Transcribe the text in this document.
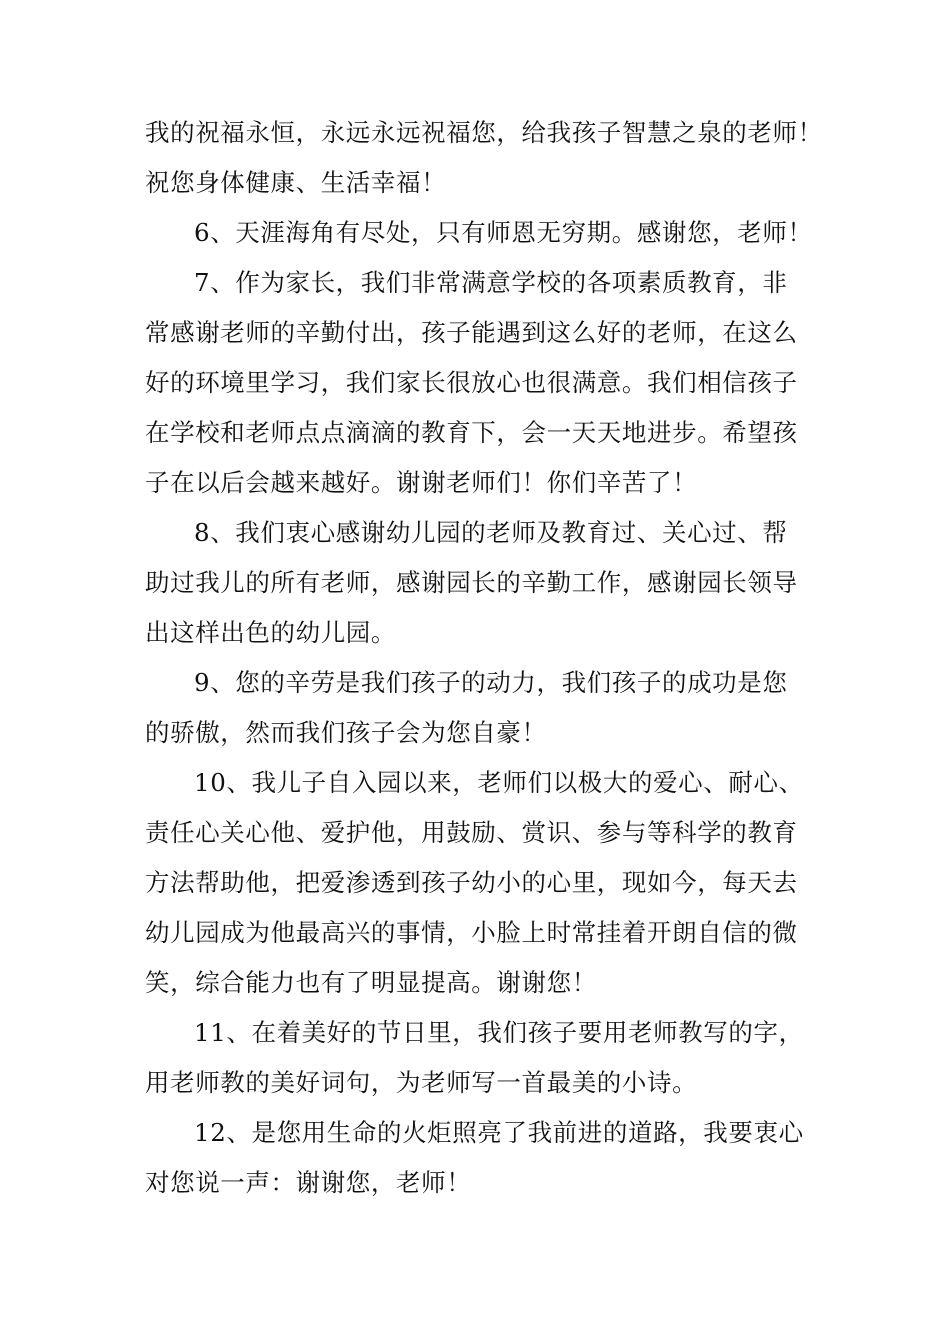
我的祝福永恒，永远永远祝福您，给我孩子智慧之泉的老师！
祝您身体健康、生活幸福！
6、天涯海角有尽处，只有师恩无穷期。感谢您，老师！
7、作为家长，我们非常满意学校的各项素质教育，非
常感谢老师的辛勤付出，孩子能遇到这么好的老师，在这么
好的环境里学习，我们家长很放心也很满意。我们相信孩子
在学校和老师点点滴滴的教育下，会一天天地进步。希望孩
子在以后会越来越好。谢谢老师们！你们辛苦了！
8、我们衷心感谢幼儿园的老师及教育过、关心过、帮
助过我儿的所有老师，感谢园长的辛勤工作，感谢园长领导
出这样出色的幼儿园。
9、您的辛劳是我们孩子的动力，我们孩子的成功是您
的骄傲，然而我们孩子会为您自豪！
10、我儿子自入园以来，老师们以极大的爱心、耐心、
责任心关心他、爱护他，用鼓励、赏识、参与等科学的教育
方法帮助他，把爱渗透到孩子幼小的心里，现如今，每天去
幼儿园成为他最高兴的事情，小脸上时常挂着开朗自信的微
笑，综合能力也有了明显提高。谢谢您！
11、在着美好的节日里，我们孩子要用老师教写的字，
用老师教的美好词句，为老师写一首最美的小诗。
12、是您用生命的火炬照亮了我前进的道路，我要衷心
对您说一声：谢谢您，老师！
